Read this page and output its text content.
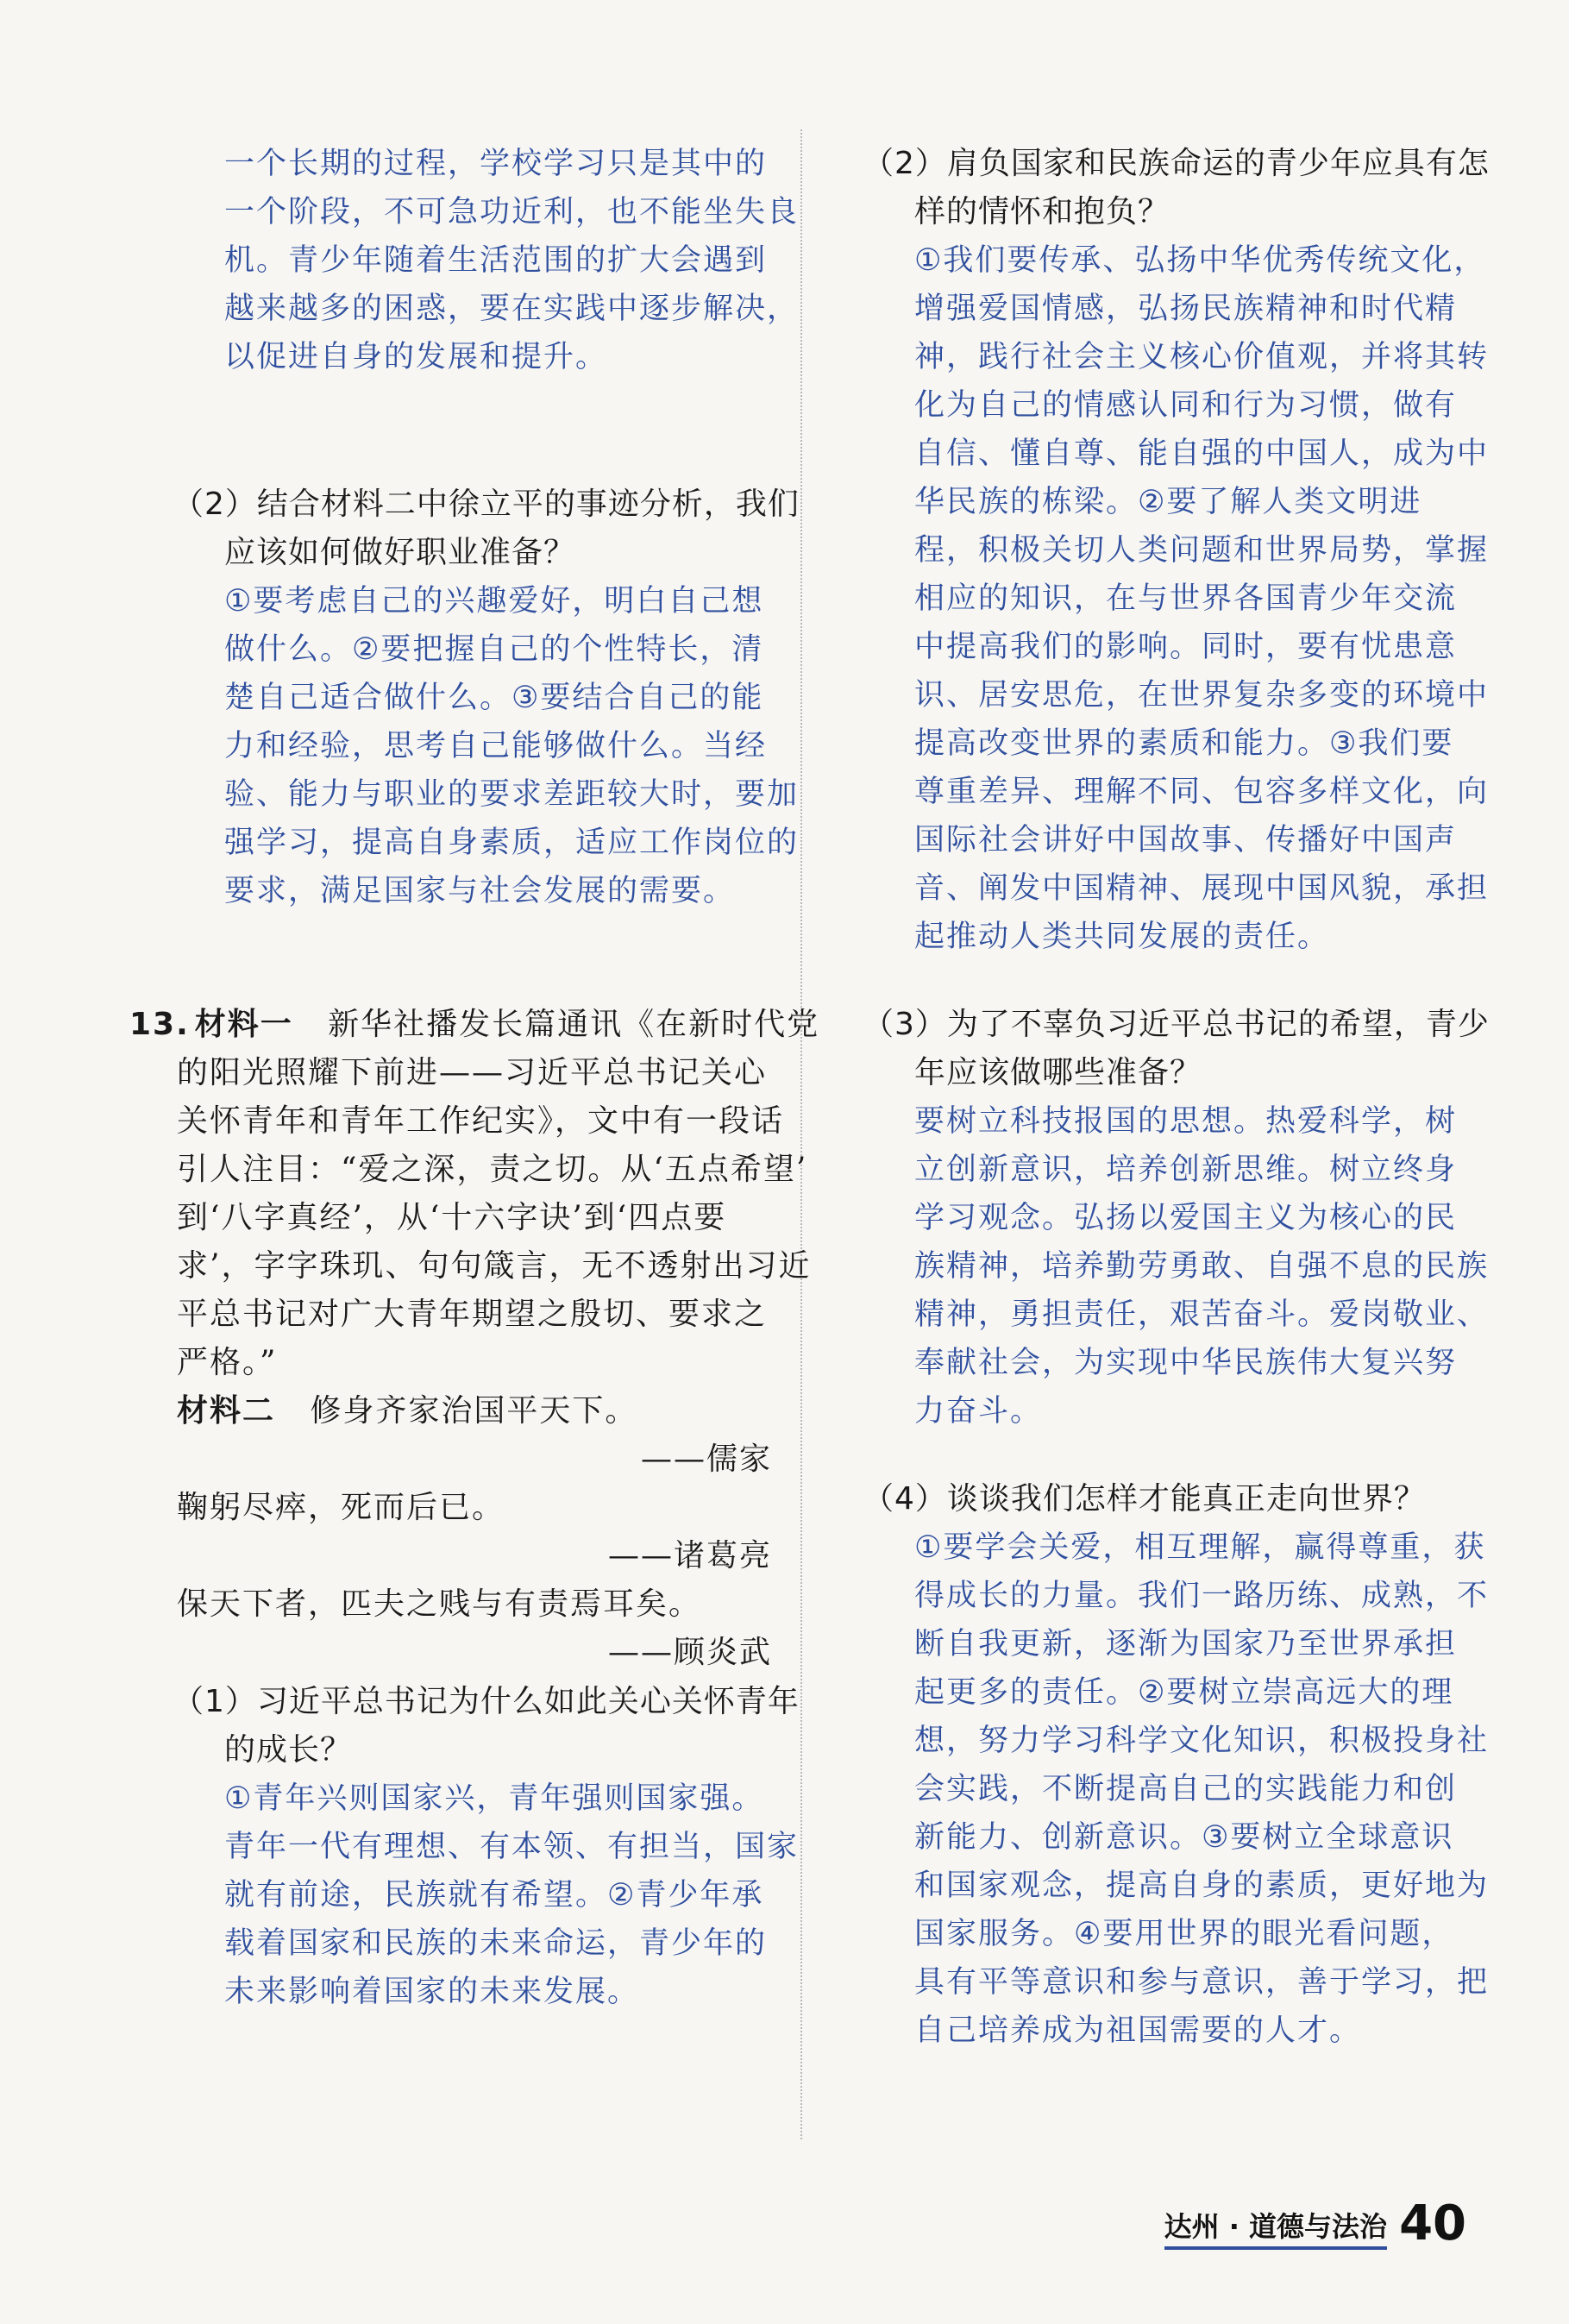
一个长期的过程，学校学习只是其中的
一个阶段，不可急功近利，也不能坐失良
机。青少年随着生活范围的扩大会遇到
越来越多的困惑，要在实践中逐步解决，
以促进自身的发展和提升。
（2）结合材料二中徐立平的事迹分析，我们
应该如何做好职业准备？
①要考虑自己的兴趣爱好，明白自己想
做什么。②要把握自己的个性特长，清
楚自己适合做什么。③要结合自己的能
力和经验，思考自己能够做什么。当经
验、能力与职业的要求差距较大时，要加
强学习，提高自身素质，适应工作岗位的
要求，满足国家与社会发展的需要。
13. 材料一 新华社播发长篇通讯《在新时代党
的阳光照耀下前进——习近平总书记关心
关怀青年和青年工作纪实》，文中有一段话
引人注目：“爱之深，责之切。从‘五点希望’
到‘八字真经’，从‘十六字诀’到‘四点要
求’，字字珠玑、句句箴言，无不透射出习近
平总书记对广大青年期望之殷切、要求之
严格。”
材料二 修身齐家治国平天下。
——儒家
鞠躬尽瘁，死而后已。
——诸葛亮
保天下者，匹夫之贱与有责焉耳矣。
——顾炎武
（1）习近平总书记为什么如此关心关怀青年
的成长？
①青年兴则国家兴，青年强则国家强。
青年一代有理想、有本领、有担当，国家
就有前途，民族就有希望。②青少年承
载着国家和民族的未来命运，青少年的
未来影响着国家的未来发展。
（2）肩负国家和民族命运的青少年应具有怎
样的情怀和抱负？
①我们要传承、弘扬中华优秀传统文化，
增强爱国情感，弘扬民族精神和时代精
神，践行社会主义核心价值观，并将其转
化为自己的情感认同和行为习惯，做有
自信、懂自尊、能自强的中国人，成为中
华民族的栋梁。②要了解人类文明进
程，积极关切人类问题和世界局势，掌握
相应的知识，在与世界各国青少年交流
中提高我们的影响。同时，要有忧患意
识、居安思危，在世界复杂多变的环境中
提高改变世界的素质和能力。③我们要
尊重差异、理解不同、包容多样文化，向
国际社会讲好中国故事、传播好中国声
音、阐发中国精神、展现中国风貌，承担
起推动人类共同发展的责任。
（3）为了不辜负习近平总书记的希望，青少
年应该做哪些准备？
要树立科技报国的思想。热爱科学，树
立创新意识，培养创新思维。树立终身
学习观念。弘扬以爱国主义为核心的民
族精神，培养勤劳勇敢、自强不息的民族
精神，勇担责任，艰苦奋斗。爱岗敬业、
奉献社会，为实现中华民族伟大复兴努
力奋斗。
（4）谈谈我们怎样才能真正走向世界？
①要学会关爱，相互理解，赢得尊重，获
得成长的力量。我们一路历练、成熟，不
断自我更新，逐渐为国家乃至世界承担
起更多的责任。②要树立崇高远大的理
想，努力学习科学文化知识，积极投身社
会实践，不断提高自己的实践能力和创
新能力、创新意识。③要树立全球意识
和国家观念，提高自身的素质，更好地为
国家服务。④要用世界的眼光看问题，
具有平等意识和参与意识，善于学习，把
自己培养成为祖国需要的人才。
达州 · 道德与法治 40
